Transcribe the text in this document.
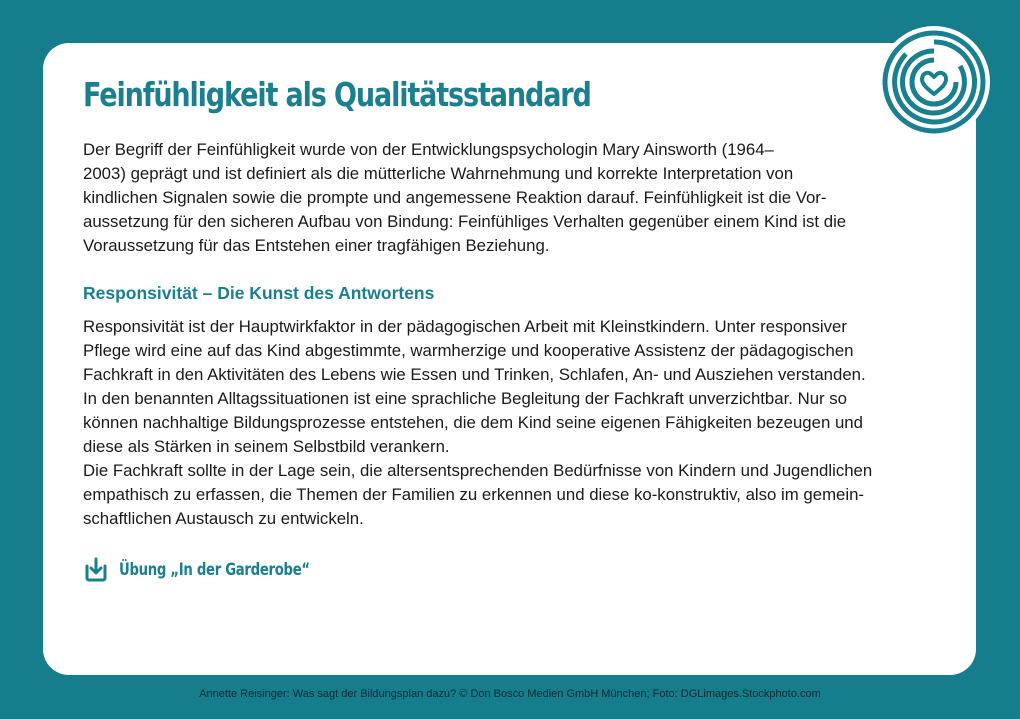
Feinfühligkeit als Qualitätsstandard
Der Begriff der Feinfühligkeit wurde von der Entwicklungspsychologin Mary Ainsworth (1964–
2003) geprägt und ist definiert als die mütterliche Wahrnehmung und korrekte Interpretation von
kindlichen Signalen sowie die prompte und angemessene Reaktion darauf. Feinfühligkeit ist die Vor-
aussetzung für den sicheren Aufbau von Bindung: Feinfühliges Verhalten gegenüber einem Kind ist die
Voraussetzung für das Entstehen einer tragfähigen Beziehung.
Responsivität – Die Kunst des Antwortens
Responsivität ist der Hauptwirkfaktor in der pädagogischen Arbeit mit Kleinstkindern. Unter responsiver
Pflege wird eine auf das Kind abgestimmte, warmherzige und kooperative Assistenz der pädagogischen
Fachkraft in den Aktivitäten des Lebens wie Essen und Trinken, Schlafen, An- und Ausziehen verstanden.
In den benannten Alltagssituationen ist eine sprachliche Begleitung der Fachkraft unverzichtbar. Nur so
können nachhaltige Bildungsprozesse entstehen, die dem Kind seine eigenen Fähigkeiten bezeugen und
diese als Stärken in seinem Selbstbild verankern.
Die Fachkraft sollte in der Lage sein, die altersentsprechenden Bedürfnisse von Kindern und Jugendlichen
empathisch zu erfassen, die Themen der Familien zu erkennen und diese ko-konstruktiv, also im gemein-
schaftlichen Austausch zu entwickeln.
Übung „In der Garderobe“
Annette Reisinger: Was sagt der Bildungsplan dazu? © Don Bosco Medien GmbH München; Foto: DGLimages.Stockphoto.com
